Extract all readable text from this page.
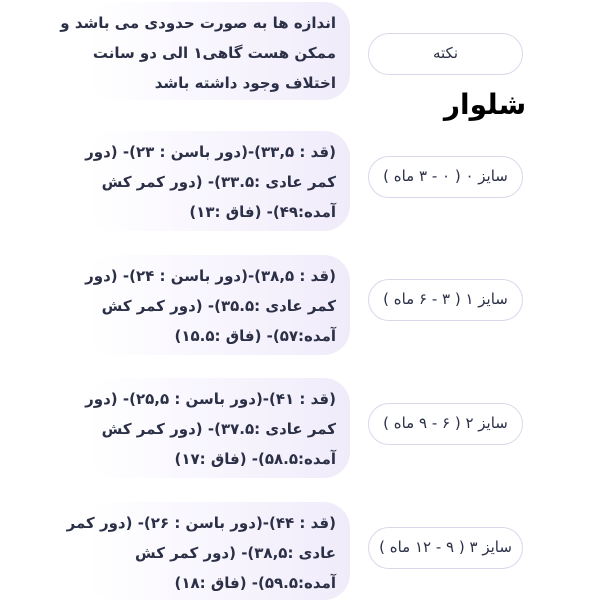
اندازه ها به صورت حدودی می باشد و
ممکن هست گاهی۱ الی دو سانت
اختلاف وجود داشته باشد
نکته
شلوار
(قد : ۳۳,۵)-(دور باسن : ۲۳)- (دور
کمر عادی :۳۳.۵)- (دور کمر کش
آمده:۴۹)- (فاق :۱۳)
سایز ۰ ( ۰ - ۳ ماه )
(قد : ۳۸,۵)-(دور باسن : ۲۴)- (دور
کمر عادی :۳۵.۵)- (دور کمر کش
آمده:۵۷)- (فاق :۱۵.۵)
سایز ۱ ( ۳ - ۶ ماه )
(قد : ۴۱)-(دور باسن : ۲۵,۵)- (دور
کمر عادی :۳۷.۵)- (دور کمر کش
آمده:۵۸.۵)- (فاق :۱۷)
سایز ۲ ( ۶ - ۹ ماه )
(قد : ۴۴)-(دور باسن : ۲۶)- (دور کمر
عادی :۳۸,۵)- (دور کمر کش
آمده:۵۹.۵)- (فاق :۱۸)
سایز ۳ ( ۹ - ۱۲ ماه )
